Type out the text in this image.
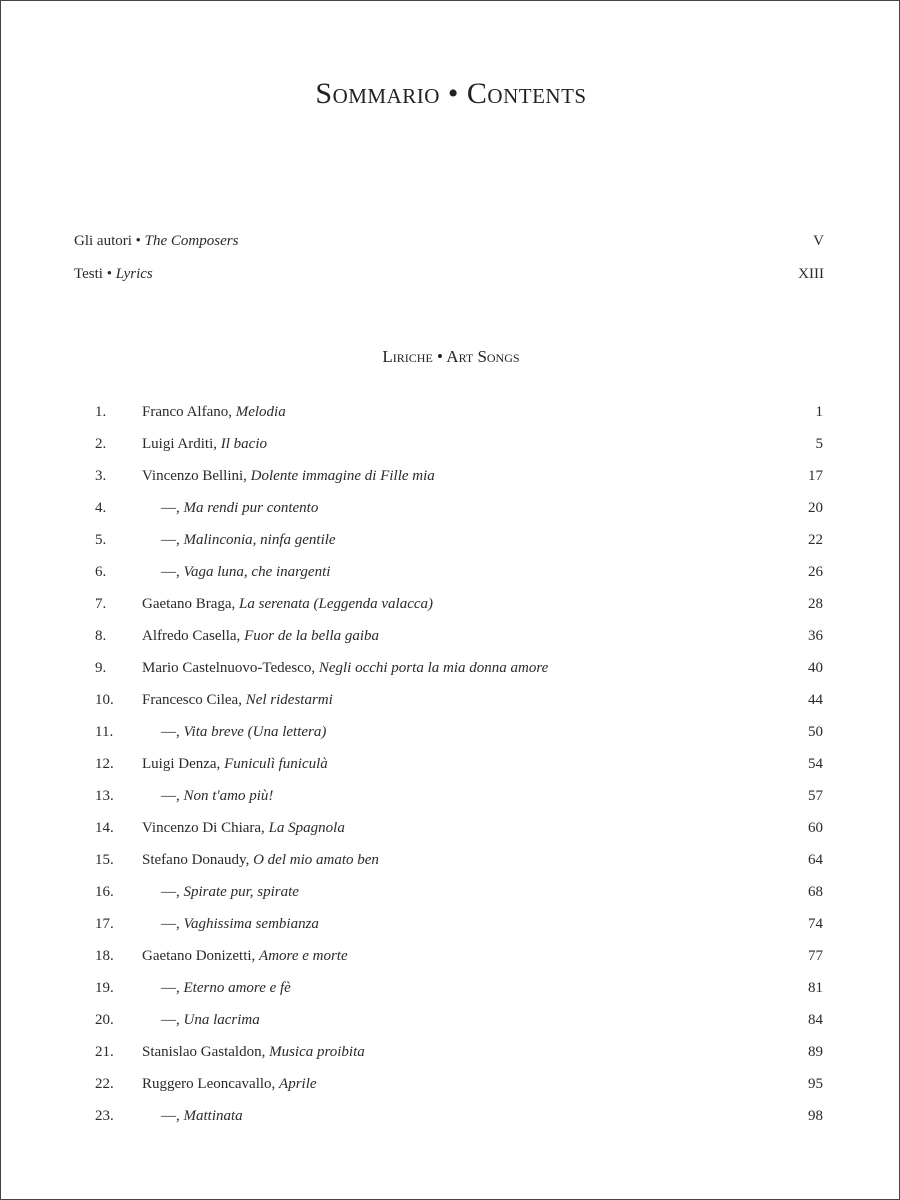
Sommario • Contents
Gli autori • The Composers	V
Testi • Lyrics	XIII
Liriche • Art Songs
1.	Franco Alfano, Melodia	1
2.	Luigi Arditi, Il bacio	5
3.	Vincenzo Bellini, Dolente immagine di Fille mia	17
4.	—, Ma rendi pur contento	20
5.	—, Malinconia, ninfa gentile	22
6.	—, Vaga luna, che inargenti	26
7.	Gaetano Braga, La serenata (Leggenda valacca)	28
8.	Alfredo Casella, Fuor de la bella gaiba	36
9.	Mario Castelnuovo-Tedesco, Negli occhi porta la mia donna amore	40
10.	Francesco Cilea, Nel ridestarmi	44
11.	—, Vita breve (Una lettera)	50
12.	Luigi Denza, Funiculì funiculà	54
13.	—, Non t'amo più!	57
14.	Vincenzo Di Chiara, La Spagnola	60
15.	Stefano Donaudy, O del mio amato ben	64
16.	—, Spirate pur, spirate	68
17.	—, Vaghissima sembianza	74
18.	Gaetano Donizetti, Amore e morte	77
19.	—, Eterno amore e fè	81
20.	—, Una lacrima	84
21.	Stanislao Gastaldon, Musica proibita	89
22.	Ruggero Leoncavallo, Aprile	95
23.	—, Mattinata	98
